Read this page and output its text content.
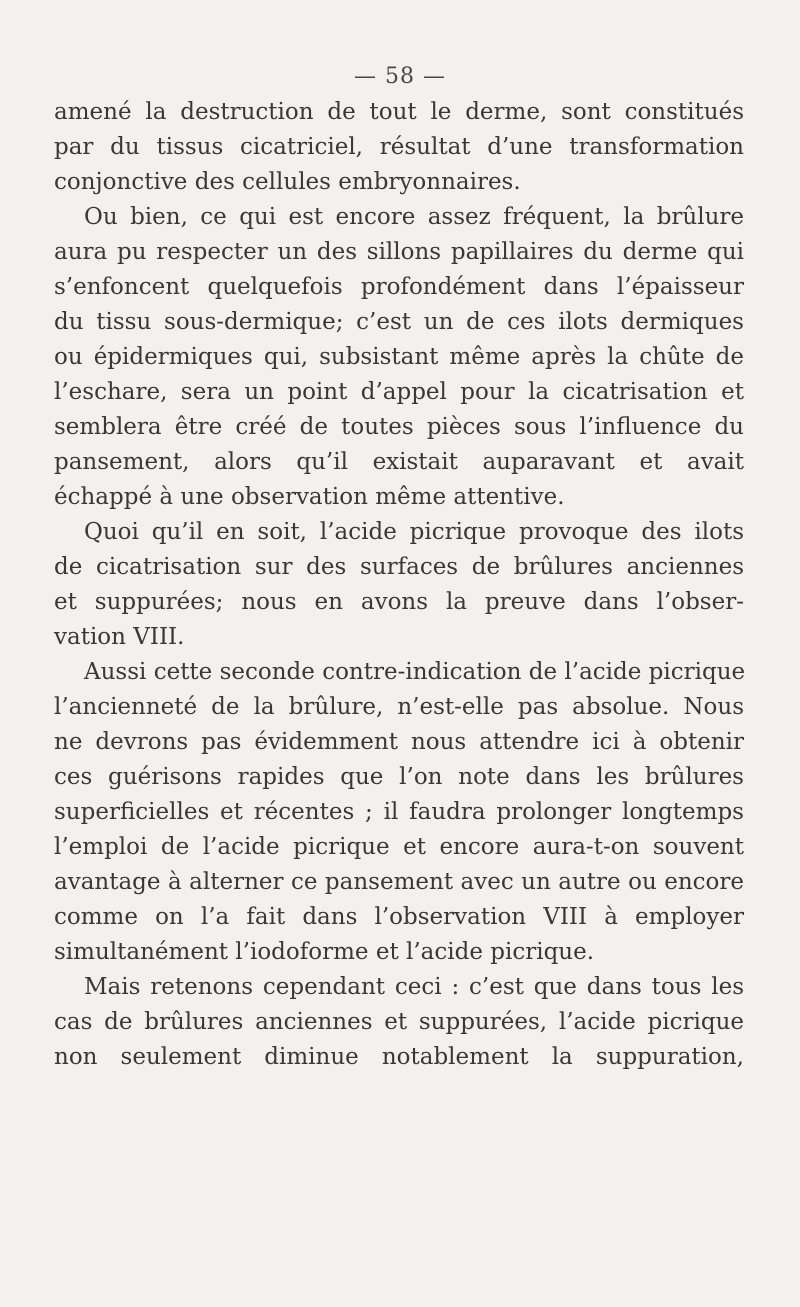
— 58 —
amené la destruction de tout le derme, sont constitués
par du tissus cicatriciel, résultat d’une transformation
conjonctive des cellules embryonnaires.
Ou bien, ce qui est encore assez fréquent, la brûlure
aura pu respecter un des sillons papillaires du derme qui
s’enfoncent quelquefois profondément dans l’épaisseur
du tissu sous-dermique; c’est un de ces ilots dermiques
ou épidermiques qui, subsistant même après la chûte de
l’eschare, sera un point d’appel pour la cicatrisation et
semblera être créé de toutes pièces sous l’influence du
pansement, alors qu’il existait auparavant et avait
échappé à une observation même attentive.
Quoi qu’il en soit, l’acide picrique provoque des ilots
de cicatrisation sur des surfaces de brûlures anciennes
et suppurées; nous en avons la preuve dans l’obser-
vation VIII.
Aussi cette seconde contre-indication de l’acide picrique
l’ancienneté de la brûlure, n’est-elle pas absolue. Nous
ne devrons pas évidemment nous attendre ici à obtenir
ces guérisons rapides que l’on note dans les brûlures
superficielles et récentes ; il faudra prolonger longtemps
l’emploi de l’acide picrique et encore aura-t-on souvent
avantage à alterner ce pansement avec un autre ou encore
comme on l’a fait dans l’observation VIII à employer
simultanément l’iodoforme et l’acide picrique.
Mais retenons cependant ceci : c’est que dans tous les
cas de brûlures anciennes et suppurées, l’acide picrique
non seulement diminue notablement la suppuration,
